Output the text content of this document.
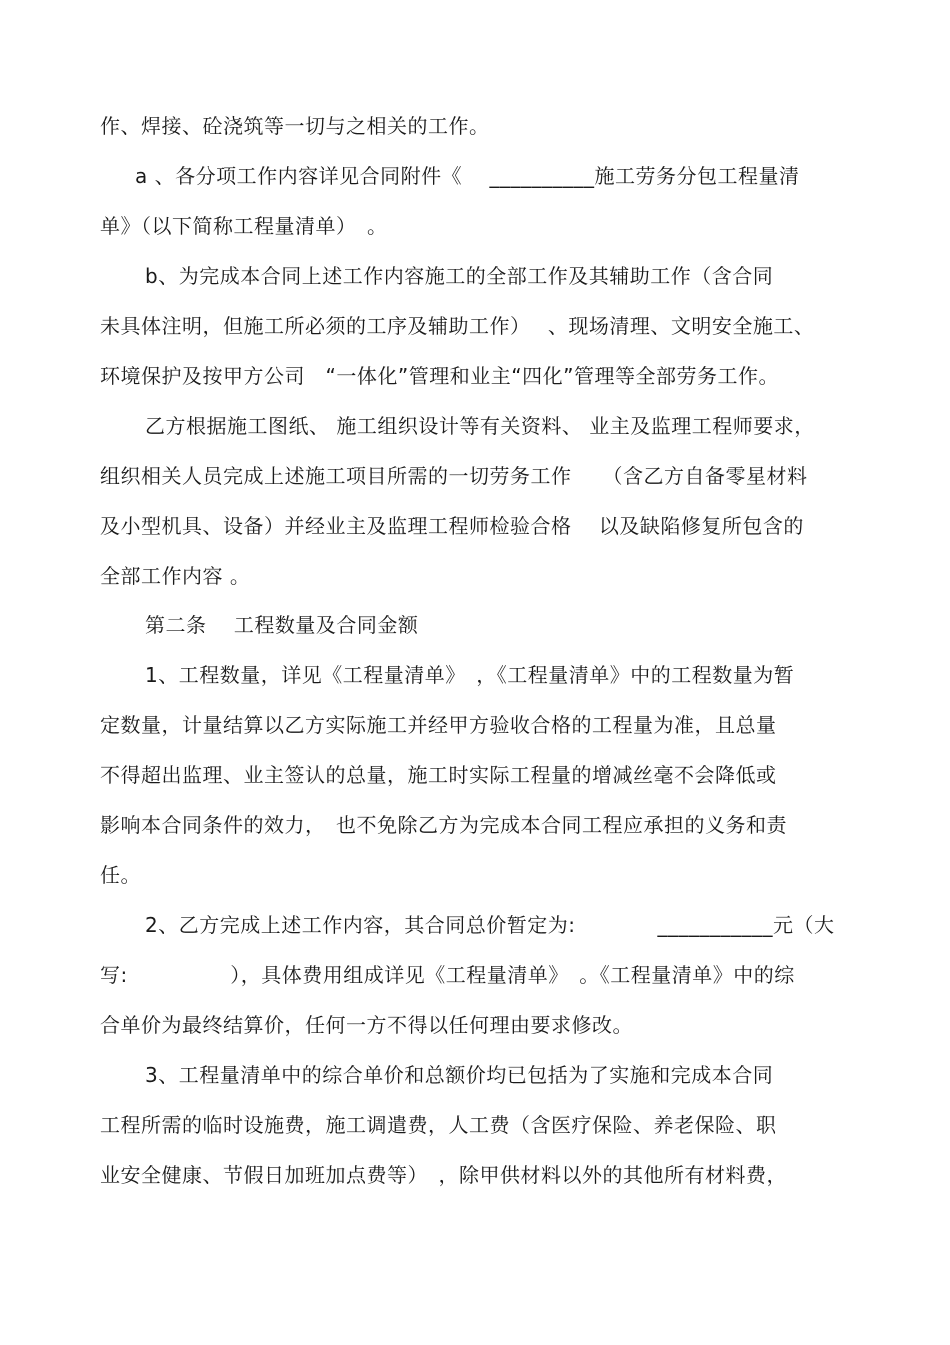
作、焊接、砼浇筑等一切与之相关的工作。
a 、各分项工作内容详见合同附件《　 __________施工劳务分包工程量清
单》（以下简称工程量清单）　。
b、为完成本合同上述工作内容施工的全部工作及其辅助工作（含合同
未具体注明，但施工所必须的工序及辅助工作）　 、现场清理、文明安全施工、
环境保护及按甲方公司　“一体化”管理和业主“四化”管理等全部劳务工作。
乙方根据施工图纸、 施工组织设计等有关资料、 业主及监理工程师要求，
组织相关人员完成上述施工项目所需的一切劳务工作　　（含乙方自备零星材料
及小型机具、设备）并经业主及监理工程师检验合格　 以及缺陷修复所包含的
全部工作内容 。
第二条　 工程数量及合同金额
1、工程数量，详见《工程量清单》　，《工程量清单》中的工程数量为暂
定数量，计量结算以乙方实际施工并经甲方验收合格的工程量为准，且总量
不得超出监理、业主签认的总量，施工时实际工程量的增减丝毫不会降低或
影响本合同条件的效力，　也不免除乙方为完成本合同工程应承担的义务和责
任。
2、乙方完成上述工作内容，其合同总价暂定为:　　　　___________元（大
写:　　　　　），具体费用组成详见《工程量清单》　。《工程量清单》中的综
合单价为最终结算价，任何一方不得以任何理由要求修改。
3、工程量清单中的综合单价和总额价均已包括为了实施和完成本合同
工程所需的临时设施费，施工调遣费，人工费（含医疗保险、养老保险、职
业安全健康、节假日加班加点费等）　，除甲供材料以外的其他所有材料费，
